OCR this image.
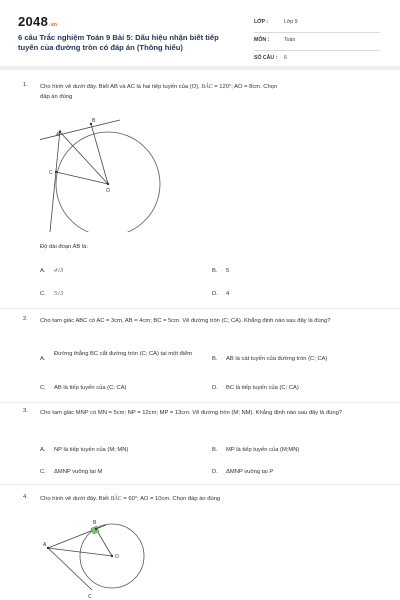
2048.vn
6 câu Trắc nghiệm Toán 9 Bài 5: Dấu hiệu nhận biết tiếp tuyến của đường tròn có đáp án (Thông hiểu)
LỚP :	Lớp 9
MÔN :	Toán
SỐ CÂU : 6
1. Cho hình vẽ dưới đây. Biết AB và AC là hai tiếp tuyến của (O), BÂC = 120°; AO = 8cm. Chọn
đáp án đúng
A
B
C
O
Độ dài đoạn AB là:
A. 4√3	B. 5
C. 5√3	D. 4
2. Cho tam giác ABC có AC = 3cm, AB = 4cm; BC = 5cm. Vẽ đường tròn (C; CA). Khẳng định nào sau đây là đúng?
A.
Đường thẳng BC cắt đường tròn (C; CA) tại một điểm
B. AB là cát tuyến của đường tròn (C; CA)
C. AB là tiếp tuyến của (C; CA)	D. BC là tiếp tuyến của (C; CA)
3. Cho tam giác MNP có MN = 5cm; NP = 12cm; MP = 13cm. Vẽ đường tròn (M; NM). Khẳng định nào sau đây là đúng?
A. NP là tiếp tuyến của (M; MN)	B. MP là tiếp tuyến của (M;MN)
C. ΔMNP vuông tại M	D. ΔMNP vuông tại P
4. Cho hình vẽ dưới đây. Biết BÂC = 60°; AO = 10cm. Chọn đáp án đúng
A
B
C
O
